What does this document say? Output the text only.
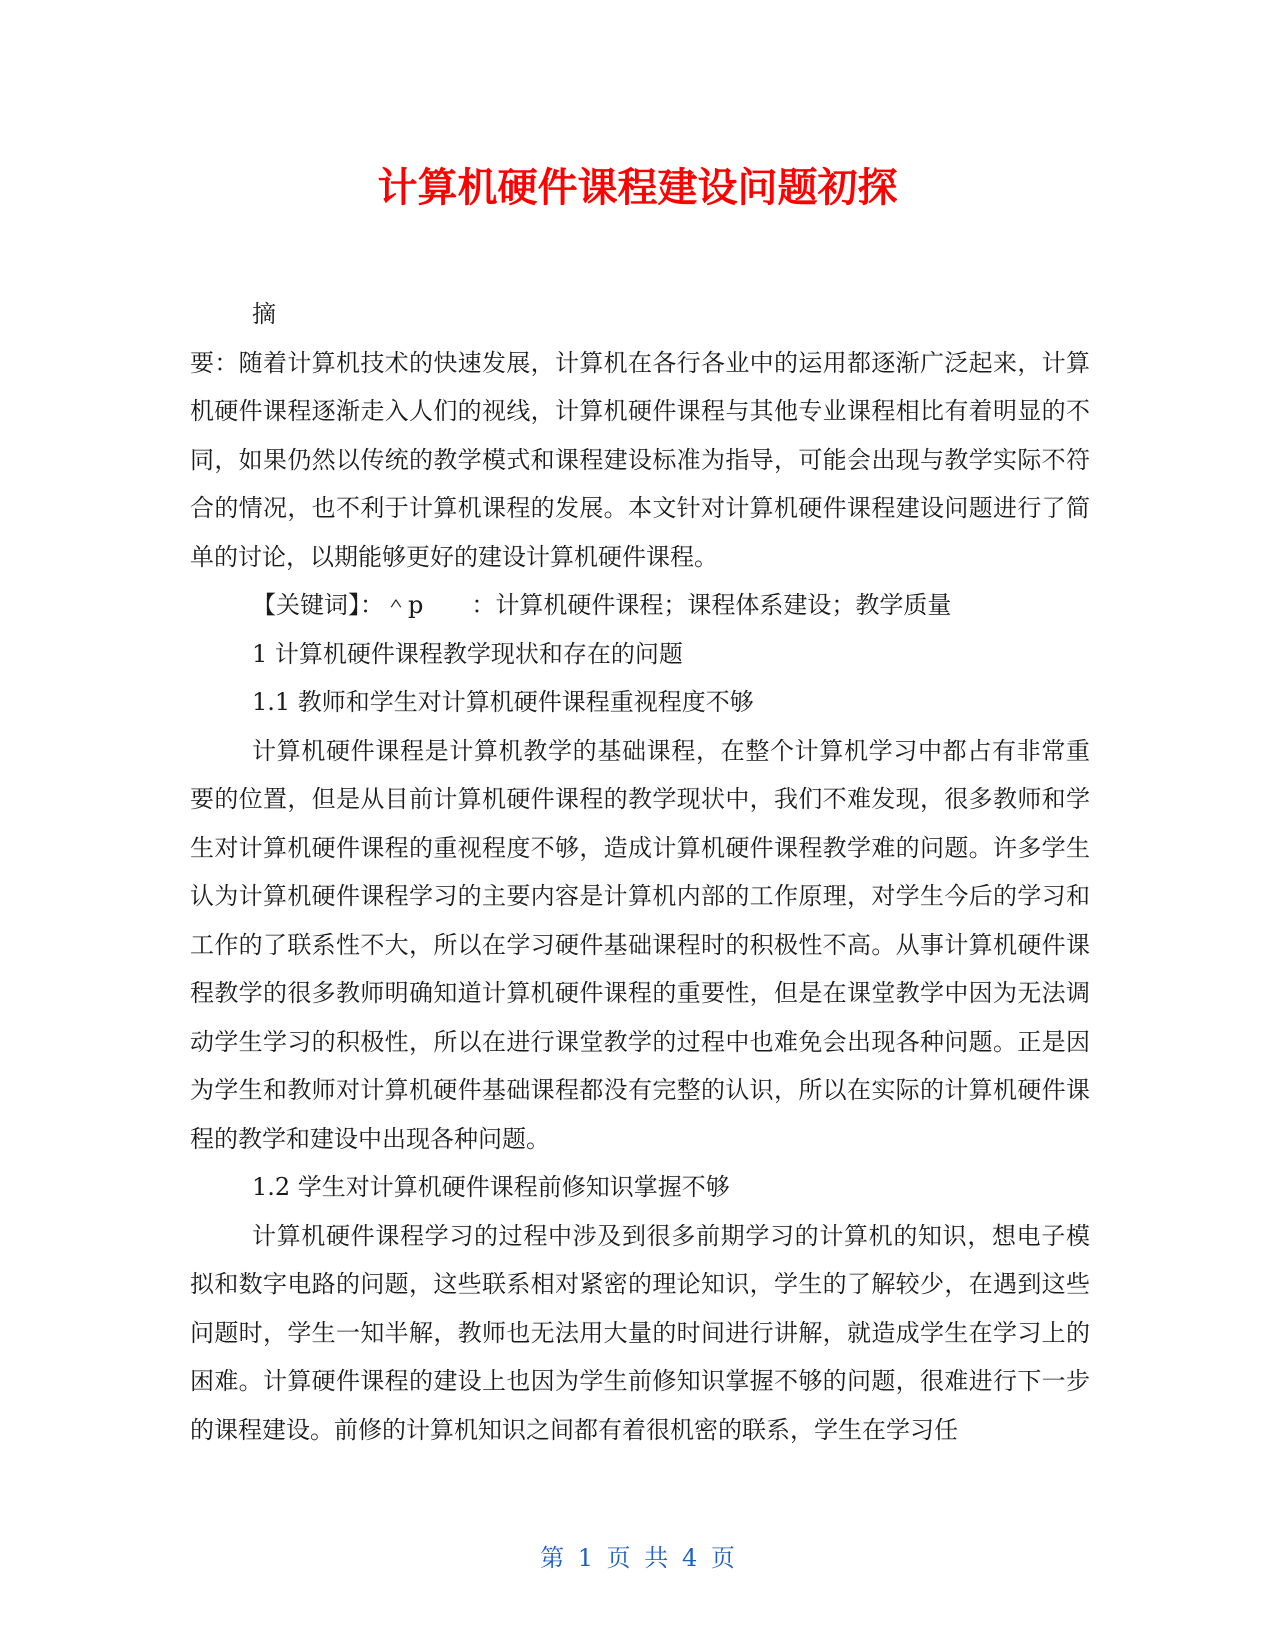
计算机硬件课程建设问题初探

摘

要：随着计算机技术的快速发展，计算机在各行各业中的运用都逐渐广泛起来，计算机硬件课程逐渐走入人们的视线，计算机硬件课程与其他专业课程相比有着明显的不同，如果仍然以传统的教学模式和课程建设标准为指导，可能会出现与教学实际不符合的情况，也不利于计算机课程的发展。本文针对计算机硬件课程建设问题进行了简单的讨论，以期能够更好的建设计算机硬件课程。

【关键词】：＾p　　：计算机硬件课程；课程体系建设；教学质量

1 计算机硬件课程教学现状和存在的问题

1.1 教师和学生对计算机硬件课程重视程度不够

计算机硬件课程是计算机教学的基础课程，在整个计算机学习中都占有非常重要的位置，但是从目前计算机硬件课程的教学现状中，我们不难发现，很多教师和学生对计算机硬件课程的重视程度不够，造成计算机硬件课程教学难的问题。许多学生认为计算机硬件课程学习的主要内容是计算机内部的工作原理，对学生今后的学习和工作的了联系性不大，所以在学习硬件基础课程时的积极性不高。从事计算机硬件课程教学的很多教师明确知道计算机硬件课程的重要性，但是在课堂教学中因为无法调动学生学习的积极性，所以在进行课堂教学的过程中也难免会出现各种问题。正是因为学生和教师对计算机硬件基础课程都没有完整的认识，所以在实际的计算机硬件课程的教学和建设中出现各种问题。

1.2 学生对计算机硬件课程前修知识掌握不够

计算机硬件课程学习的过程中涉及到很多前期学习的计算机的知识，想电子模拟和数字电路的问题，这些联系相对紧密的理论知识，学生的了解较少，在遇到这些问题时，学生一知半解，教师也无法用大量的时间进行讲解，就造成学生在学习上的困难。计算硬件课程的建设上也因为学生前修知识掌握不够的问题，很难进行下一步的课程建设。前修的计算机知识之间都有着很机密的联系，学生在学习任

第 1 页 共 4 页
